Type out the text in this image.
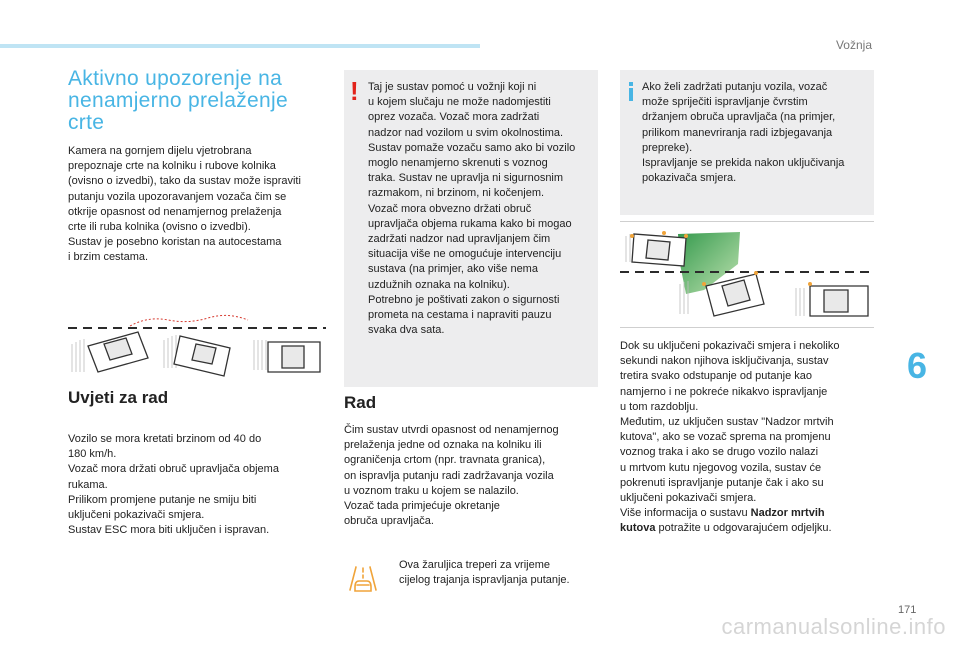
Vožnja
6
171
Aktivno upozorenje na
nenamjerno prelaženje
crte
Kamera na gornjem dijelu vjetrobrana
prepoznaje crte na kolniku i rubove kolnika
(ovisno o izvedbi), tako da sustav može ispraviti
putanju vozila upozoravanjem vozača čim se
otkrije opasnost od nenamjernog prelaženja
crte ili ruba kolnika (ovisno o izvedbi).
Sustav je posebno koristan na autocestama
i brzim cestama.
Uvjeti za rad
Vozilo se mora kretati brzinom od 40 do
180 km/h.
Vozač mora držati obruč upravljača objema
rukama.
Prilikom promjene putanje ne smiju biti
uključeni pokazivači smjera.
Sustav ESC mora biti uključen i ispravan.
! Taj je sustav pomoć u vožnji koji ni
u kojem slučaju ne može nadomjestiti
oprez vozača. Vozač mora zadržati
nadzor nad vozilom u svim okolnostima.
Sustav pomaže vozaču samo ako bi vozilo
moglo nenamjerno skrenuti s voznog
traka. Sustav ne upravlja ni sigurnosnim
razmakom, ni brzinom, ni kočenjem.
Vozač mora obvezno držati obruč
upravljača objema rukama kako bi mogao
zadržati nadzor nad upravljanjem čim
situacija više ne omogućuje intervenciju
sustava (na primjer, ako više nema
uzdužnih oznaka na kolniku).
Potrebno je poštivati zakon o sigurnosti
prometa na cestama i napraviti pauzu
svaka dva sata.
Rad
Čim sustav utvrdi opasnost od nenamjernog
prelaženja jedne od oznaka na kolniku ili
ograničenja crtom (npr. travnata granica),
on ispravlja putanju radi zadržavanja vozila
u voznom traku u kojem se nalazilo.
Vozač tada primjećuje okretanje
obruča upravljača.
Ova žaruljica treperi za vrijeme
cijelog trajanja ispravljanja putanje.
Ako želi zadržati putanju vozila, vozač
može spriječiti ispravljanje čvrstim
držanjem obruča upravljača (na primjer,
prilikom manevriranja radi izbjegavanja
prepreke).
Ispravljanje se prekida nakon uključivanja
pokazivača smjera.
Dok su uključeni pokazivači smjera i nekoliko
sekundi nakon njihova isključivanja, sustav
tretira svako odstupanje od putanje kao
namjerno i ne pokreće nikakvo ispravljanje
u tom razdoblju.
Međutim, uz uključen sustav "Nadzor mrtvih
kutova", ako se vozač sprema na promjenu
voznog traka i ako se drugo vozilo nalazi
u mrtvom kutu njegovog vozila, sustav će
pokrenuti ispravljanje putanje čak i ako su
uključeni pokazivači smjera.
Više informacija o sustavu Nadzor mrtvih
kutova potražite u odgovarajućem odjeljku.
carmanualsonline.info
